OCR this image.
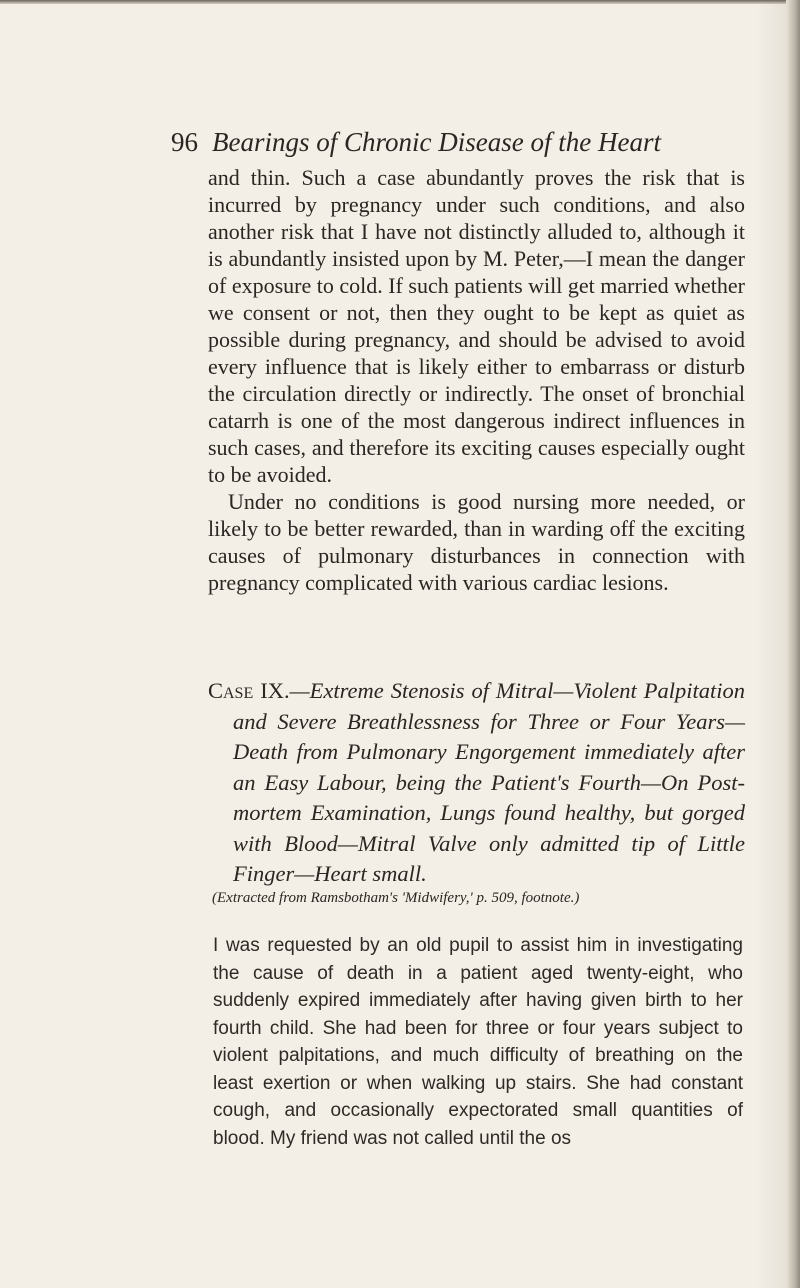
96 Bearings of Chronic Disease of the Heart

and thin. Such a case abundantly proves the risk that is incurred by pregnancy under such conditions, and also another risk that I have not distinctly alluded to, although it is abundantly insisted upon by M. Peter,—I mean the danger of exposure to cold. If such patients will get married whether we consent or not, then they ought to be kept as quiet as possible during pregnancy, and should be advised to avoid every influence that is likely either to embarrass or disturb the circulation directly or indirectly. The onset of bronchial catarrh is one of the most dangerous indirect influences in such cases, and therefore its exciting causes especially ought to be avoided.

Under no conditions is good nursing more needed, or likely to be better rewarded, than in warding off the exciting causes of pulmonary disturbances in connection with pregnancy complicated with various cardiac lesions.

Case IX.—Extreme Stenosis of Mitral—Violent Palpitation and Severe Breathlessness for Three or Four Years—Death from Pulmonary Engorgement immediately after an Easy Labour, being the Patient's Fourth—On Post-mortem Examination, Lungs found healthy, but gorged with Blood—Mitral Valve only admitted tip of Little Finger—Heart small.

(Extracted from Ramsbotham's 'Midwifery,' p. 509, footnote.)

I was requested by an old pupil to assist him in investigating the cause of death in a patient aged twenty-eight, who suddenly expired immediately after having given birth to her fourth child. She had been for three or four years subject to violent palpitations, and much difficulty of breathing on the least exertion or when walking up stairs. She had constant cough, and occasionally expectorated small quantities of blood. My friend was not called until the os
